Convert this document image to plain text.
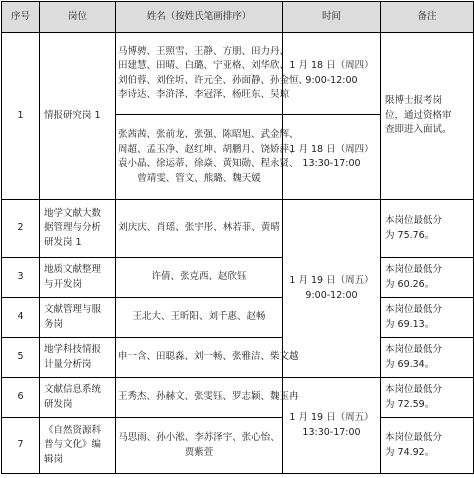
序号	岗位	姓名（按姓氏笔画排序）	时间	备注
1	情报研究岗 1	马博骋、王照雪、王静、方朋、田力丹、
田建慧、田晴、白璐、宁亚格、刘华欣、
刘伯蓉、刘佺圻、许元全、孙面静、孙金恒、
李诗达、李浒泽、李冠泽、杨旺东、吴琼	1 月 18 日（周四）
9:00-12:00	限博士报考岗
位，通过资格审
查即进入面试。

		张茜茜、张前龙、张强、陈昭旭、武金辉、
周超、孟玉净、赵红坤、胡鹏月、饶娇萍、
袁小晶、徐运蒂、徐焱、黄知勋、程永贤、
曾靖雯、管文、熊璐、魏天媛	1 月 18 日（周四）
13:30-17:00	

2	地学文献大数
据管理与分析
研发岗 1	刘庆庆、肖瑶、张宇彤、林若菲、黄晴	1 月 19 日（周五）
9:00-12:00	本岗位最低分
为 75.76。

3	地质文献整理
与开发岗	许倩、张克西、赵欣钰		本岗位最低分
为 60.26。

4	文献管理与服
务岗	王北大、王昕阳、刘千惠、赵畅		本岗位最低分
为 69.13。

5	地学科技情报
计量分析岗	申一含、田聪淼、刘一畅、张雅洁、柴文越		本岗位最低分
为 69.34。

6	文献信息系统
研发岗	王秀杰、孙赫文、张雯钰、罗志颖、魏玉冉	1 月 19 日（周五）
13:30-17:00	本岗位最低分
为 72.59。

7	《自然资源科
普与文化》编
辑岗	马思雨、孙小淞、李苏泽宇、张心怡、
贾紫萱		本岗位最低分
为 74.92。
